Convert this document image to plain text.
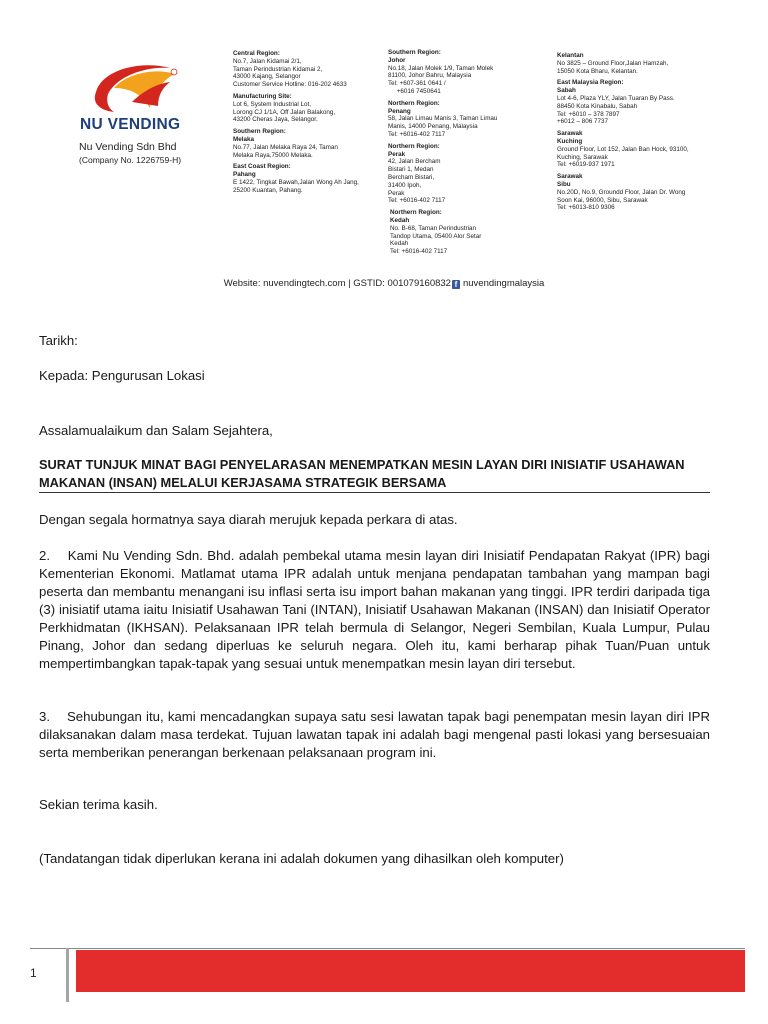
NU VENDING
Nu Vending Sdn Bhd
(Company No. 1226759-H)
Central Region:
No.7, Jalan Kidamai 2/1,
Taman Perindustrian Kidamai 2,
43000 Kajang, Selangor
Customer Service Hotline: 016-202 4633
Manufacturing Site:
Lot 6, System Industrial Lot,
Lorong CJ 1/1A, Off Jalan Balakong,
43200 Cheras Jaya, Selangor.
Southern Region:
Melaka
No.77, Jalan Melaka Raya 24, Taman
Melaka Raya,75000 Melaka.
East Coast Region:
Pahang
E 1422, Tingkat Bawah,Jalan Wong Ah Jang,
25200 Kuantan, Pahang.
Southern Region:
Johor
No.18, Jalan Molek 1/9, Taman Molek
81100, Johor Bahru, Malaysia
Tel: +607-361 0641 /
+6016 7450641
Northern Region:
Penang
58, Jalan Limau Manis 3, Taman Limau
Manis, 14000 Penang, Malaysia
Tel: +6016-402 7117
Northern Region:
Perak
42, Jalan Bercham
Bistari 1, Medan
Bercham Bistari,
31400 Ipoh,
Perak
Tel: +6016-402 7117
Northern Region:
Kedah
No. B-68, Taman Perindustrian
Tandop Utama, 05400 Alor Setar
Kedah
Tel: +6016-402 7117
Kelantan
No 3825 – Ground Floor,Jalan Hamzah,
15050 Kota Bharu, Kelantan.
East Malaysia Region:
Sabah
Lot 4-6, Plaza YLY, Jalan Tuaran By Pass.
88450 Kota Kinabalu, Sabah
Tel: +6010 – 378 7897
+6012 – 806 7737
Sarawak
Kuching
Ground Floor, Lot 152, Jalan Ban Hock, 93100,
Kuching, Sarawak
Tel: +6019-937 1971
Sarawak
Sibu
No.20D, No.9, Groundd Floor, Jalan Dr. Wong
Soon Kai, 96000, Sibu, Sarawak
Tel: +6013-810 9306
Website: nuvendingtech.com | GSTID: 001079160832 f nuvendingmalaysia
Tarikh:
Kepada: Pengurusan Lokasi
Assalamualaikum dan Salam Sejahtera,
SURAT TUNJUK MINAT BAGI PENYELARASAN MENEMPATKAN MESIN LAYAN DIRI INISIATIF USAHAWAN MAKANAN (INSAN) MELALUI KERJASAMA STRATEGIK BERSAMA
Dengan segala hormatnya saya diarah merujuk kepada perkara di atas.
2.    Kami Nu Vending Sdn. Bhd. adalah pembekal utama mesin layan diri Inisiatif Pendapatan Rakyat (IPR) bagi Kementerian Ekonomi. Matlamat utama IPR adalah untuk menjana pendapatan tambahan yang mampan bagi peserta dan membantu menangani isu inflasi serta isu import bahan makanan yang tinggi. IPR terdiri daripada tiga (3) inisiatif utama iaitu Inisiatif Usahawan Tani (INTAN), Inisiatif Usahawan Makanan (INSAN) dan Inisiatif Operator Perkhidmatan (IKHSAN). Pelaksanaan IPR telah bermula di Selangor, Negeri Sembilan, Kuala Lumpur, Pulau Pinang, Johor dan sedang diperluas ke seluruh negara. Oleh itu, kami berharap pihak Tuan/Puan untuk mempertimbangkan tapak-tapak yang sesuai untuk menempatkan mesin layan diri tersebut.
3.    Sehubungan itu, kami mencadangkan supaya satu sesi lawatan tapak bagi penempatan mesin layan diri IPR dilaksanakan dalam masa terdekat. Tujuan lawatan tapak ini adalah bagi mengenal pasti lokasi yang bersesuaian serta memberikan penerangan berkenaan pelaksanaan program ini.
Sekian terima kasih.
(Tandatangan tidak diperlukan kerana ini adalah dokumen yang dihasilkan oleh komputer)
1
